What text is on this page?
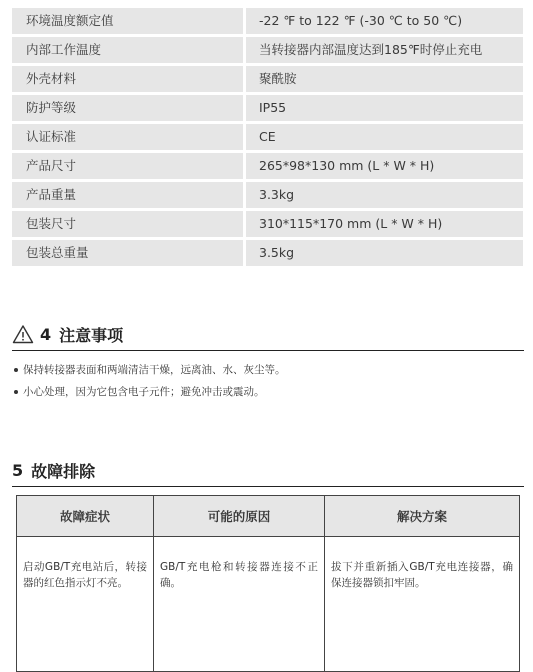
环境温度额定值	-22 ℉ to 122 ℉ (-30 ℃ to 50 ℃)
内部工作温度	当转接器内部温度达到185℉时停止充电
外壳材料	聚酰胺
防护等级	IP55
认证标准	CE
产品尺寸	265*98*130 mm (L * W * H)
产品重量	3.3kg
包装尺寸	310*115*170 mm (L * W * H)
包装总重量	3.5kg
4 注意事项
保持转接器表面和两端清洁干燥，远离油、水、灰尘等。
小心处理，因为它包含电子元件；避免冲击或震动。
5 故障排除
故障症状	可能的原因	解决方案
启动GB/T充电站后，转接器的红色指示灯不亮。	GB/T充电枪和转接器连接不正确。	拔下并重新插入GB/T充电连接器，确保连接器锁扣牢固。
